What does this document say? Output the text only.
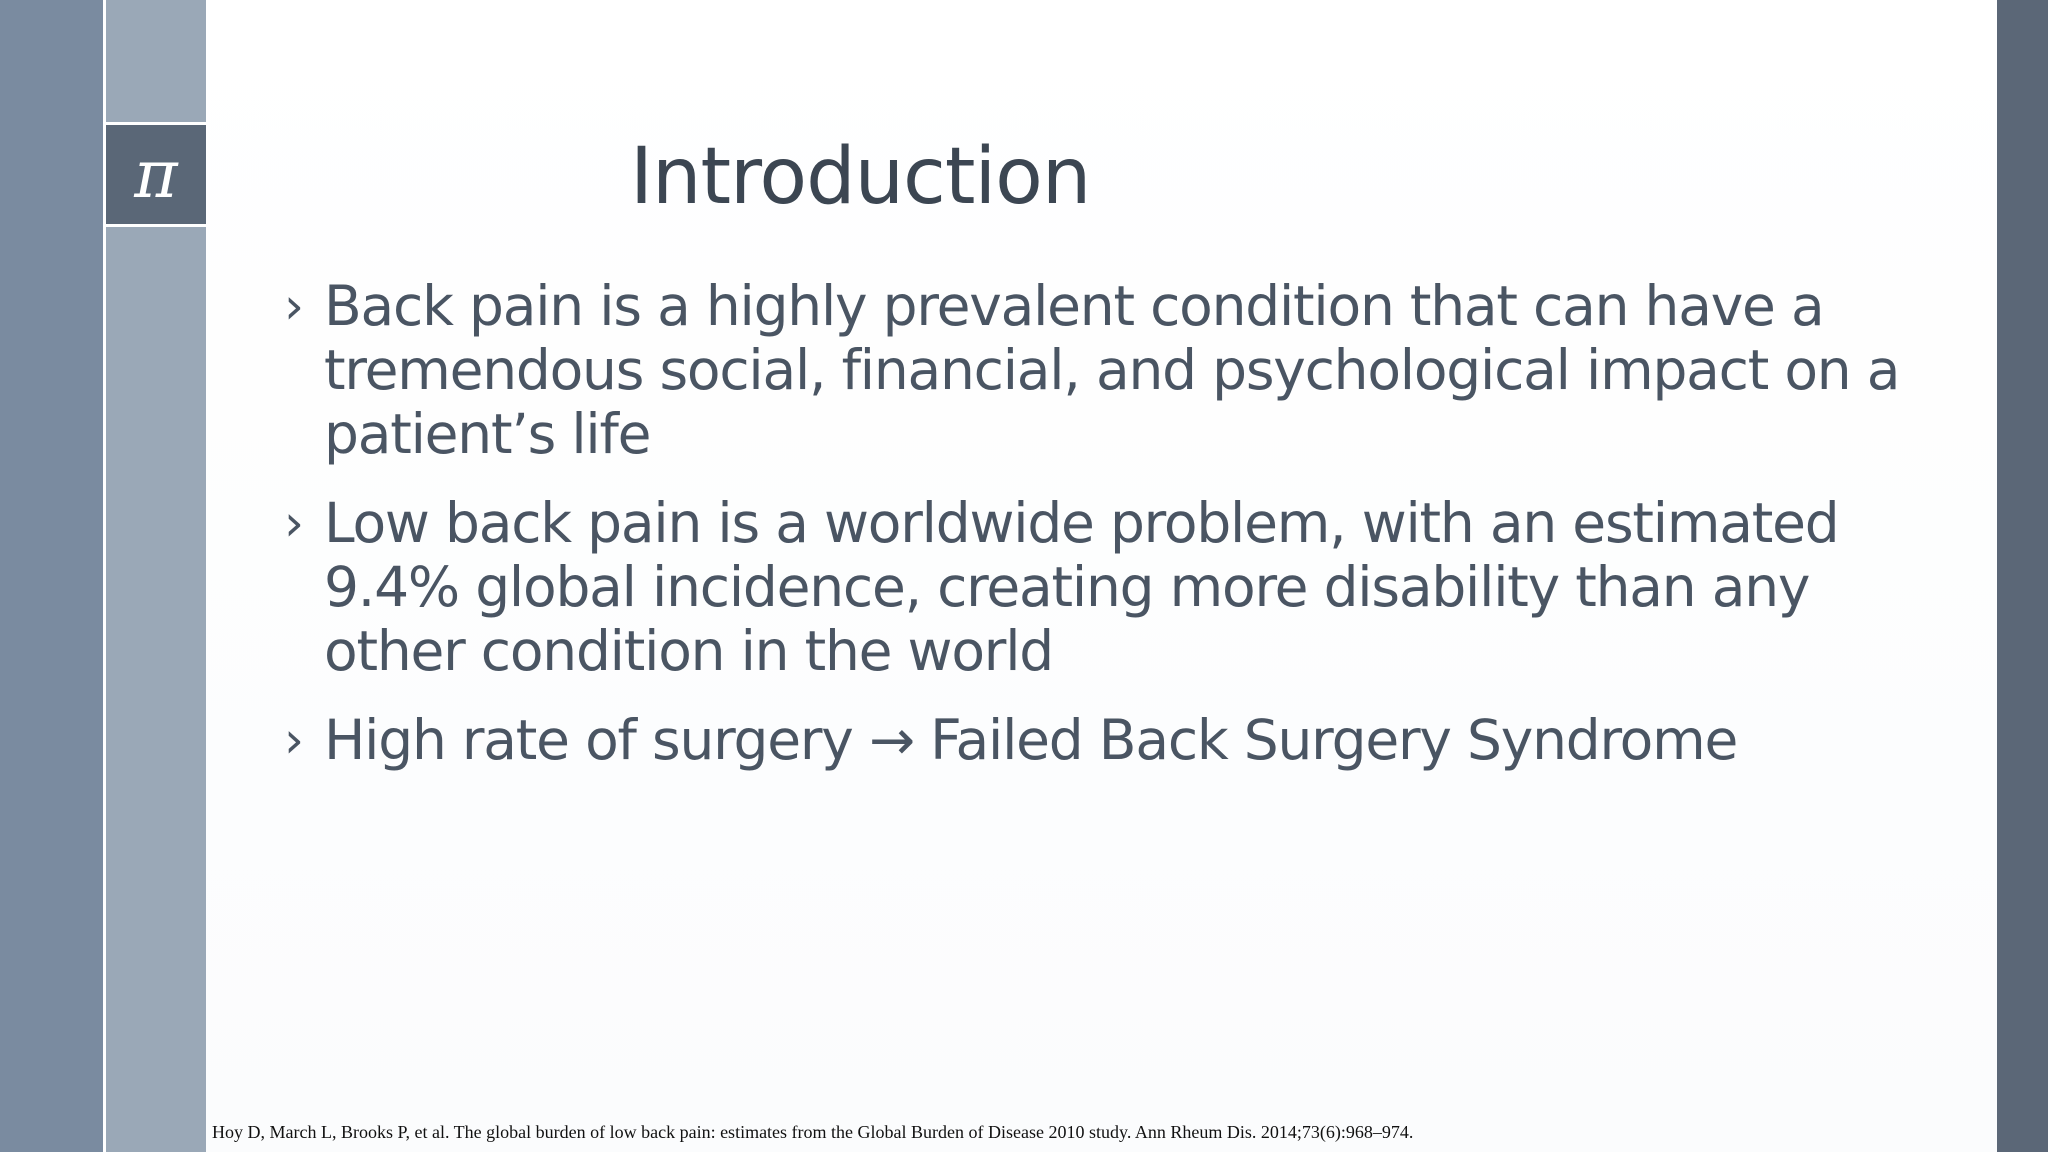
π	Introduction
› Back pain is a highly prevalent condition that can have a tremendous social, financial, and psychological impact on a patient’s life
› Low back pain is a worldwide problem, with an estimated 9.4% global incidence, creating more disability than any other condition in the world
› High rate of surgery → Failed Back Surgery Syndrome
Hoy D, March L, Brooks P, et al. The global burden of low back pain: estimates from the Global Burden of Disease 2010 study. Ann Rheum Dis. 2014;73(6):968–974.
